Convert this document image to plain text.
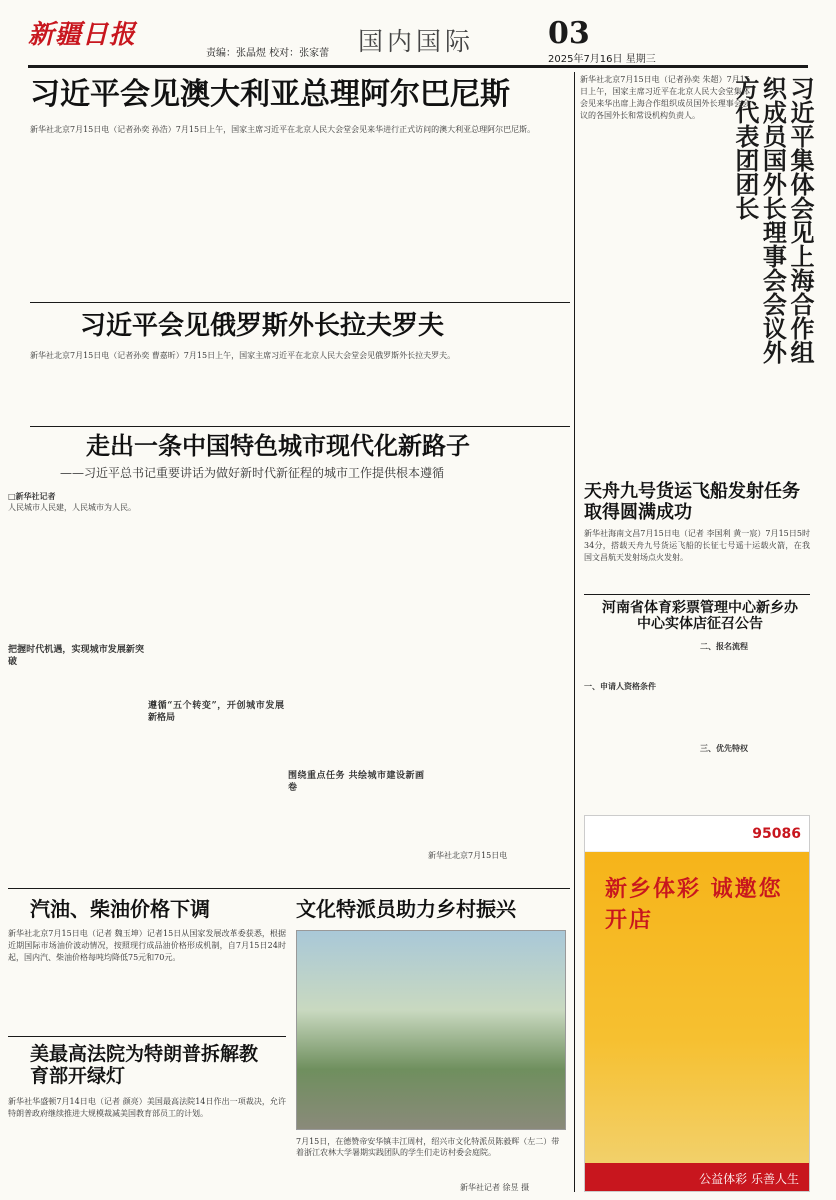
新疆日报
责编：张晶煜 校对：张家蕾 国内国际 03
2025年7月16日 星期三
习近平会见澳大利亚总理阿尔巴尼斯
新华社北京7月15日电（记者孙奕 孙浩）7月15日上午，国家主席习近平在北京人民大会堂会见来华进行正式访问的澳大利亚总理阿尔巴尼斯。
习近平会见俄罗斯外长拉夫罗夫
新华社北京7月15日电（记者孙奕 曹嘉昕）7月15日上午，国家主席习近平在北京人民大会堂会见俄罗斯外长拉夫罗夫。	习近平集体会见上海合作组织成员国外长理事会会议外方代表团团长
新华社北京7月15日电（记者孙奕 朱超）7月15日上午，国家主席习近平在北京人民大会堂集体会见来华出席上海合作组织成员国外长理事会会议的各国外长和常设机构负责人。
走出一条中国特色城市现代化新路子
——习近平总书记重要讲话为做好新时代新征程的城市工作提供根本遵循
□新华社记者
人民城市人民建，人民城市为人民。
把握时代机遇，实现城市发展新突破
遵循“五个转变”，开创城市发展新格局
围绕重点任务 共绘城市建设新画卷
新华社北京7月15日电
天舟九号货运飞船发射任务取得圆满成功
新华社海南文昌7月15日电（记者 李国利 黄一宸）7月15日5时34分，搭载天舟九号货运飞船的长征七号遥十运载火箭，在我国文昌航天发射场点火发射。
河南省体育彩票管理中心新乡办中心实体店征召公告
一、申请人资格条件
二、报名流程
三、优先特权
95086
新乡体彩 诚邀您开店
公益体彩 乐善人生
汽油、柴油价格下调
新华社北京7月15日电（记者 魏玉坤）记者15日从国家发展改革委获悉，根据近期国际市场油价波动情况，按照现行成品油价格形成机制，自7月15日24时起，国内汽、柴油价格每吨均降低75元和70元。
美最高法院为特朗普拆解教育部开绿灯
新华社华盛顿7月14日电（记者 颜亮）美国最高法院14日作出一项裁决，允许特朗普政府继续推进大规模裁减美国教育部员工的计划。
文化特派员助力乡村振兴
7月15日，在德赞帝安华镇丰江周村，绍兴市文化特派员陈毅辉（左二）带着浙江农林大学暑期实践团队的学生们走访村委会庭院。
新华社记者 徐昱 摄
